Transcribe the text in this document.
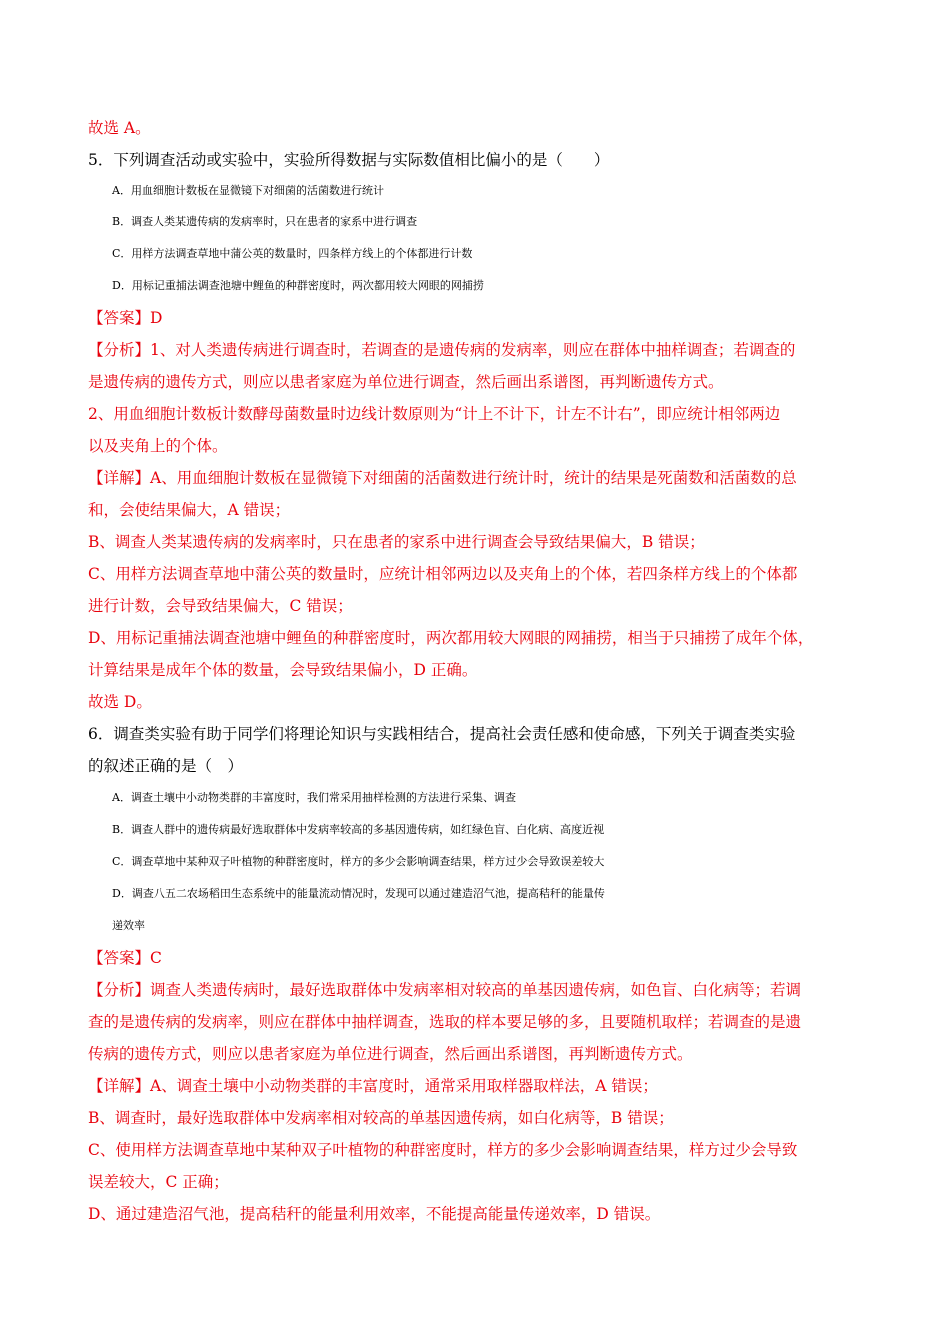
故选 A。
5．下列调查活动或实验中，实验所得数据与实际数值相比偏小的是（　　）
A．用血细胞计数板在显微镜下对细菌的活菌数进行统计
B．调查人类某遗传病的发病率时，只在患者的家系中进行调查
C．用样方法调查草地中蒲公英的数量时，四条样方线上的个体都进行计数
D．用标记重捕法调查池塘中鲤鱼的种群密度时，两次都用较大网眼的网捕捞
【答案】D
【分析】1、对人类遗传病进行调查时，若调查的是遗传病的发病率，则应在群体中抽样调查；若调查的
是遗传病的遗传方式，则应以患者家庭为单位进行调查，然后画出系谱图，再判断遗传方式。
2、用血细胞计数板计数酵母菌数量时边线计数原则为“计上不计下，计左不计右”，即应统计相邻两边
以及夹角上的个体。
【详解】A、用血细胞计数板在显微镜下对细菌的活菌数进行统计时，统计的结果是死菌数和活菌数的总
和，会使结果偏大，A 错误；
B、调查人类某遗传病的发病率时，只在患者的家系中进行调查会导致结果偏大，B 错误；
C、用样方法调查草地中蒲公英的数量时，应统计相邻两边以及夹角上的个体，若四条样方线上的个体都
进行计数，会导致结果偏大，C 错误；
D、用标记重捕法调查池塘中鲤鱼的种群密度时，两次都用较大网眼的网捕捞，相当于只捕捞了成年个体，
计算结果是成年个体的数量，会导致结果偏小，D 正确。
故选 D。
6．调查类实验有助于同学们将理论知识与实践相结合，提高社会责任感和使命感，下列关于调查类实验
的叙述正确的是（　）
A．调查土壤中小动物类群的丰富度时，我们常采用抽样检测的方法进行采集、调查
B．调查人群中的遗传病最好选取群体中发病率较高的多基因遗传病，如红绿色盲、白化病、高度近视
C．调查草地中某种双子叶植物的种群密度时，样方的多少会影响调查结果，样方过少会导致误差较大
D．调查八五二农场稻田生态系统中的能量流动情况时，发现可以通过建造沼气池，提高秸秆的能量传
递效率
【答案】C
【分析】调查人类遗传病时，最好选取群体中发病率相对较高的单基因遗传病，如色盲、白化病等；若调
查的是遗传病的发病率，则应在群体中抽样调查，选取的样本要足够的多，且要随机取样；若调查的是遗
传病的遗传方式，则应以患者家庭为单位进行调查，然后画出系谱图，再判断遗传方式。
【详解】A、调查土壤中小动物类群的丰富度时，通常采用取样器取样法，A 错误；
B、调查时，最好选取群体中发病率相对较高的单基因遗传病，如白化病等，B 错误；
C、使用样方法调查草地中某种双子叶植物的种群密度时，样方的多少会影响调查结果，样方过少会导致
误差较大，C 正确；
D、通过建造沼气池，提高秸秆的能量利用效率，不能提高能量传递效率，D 错误。
